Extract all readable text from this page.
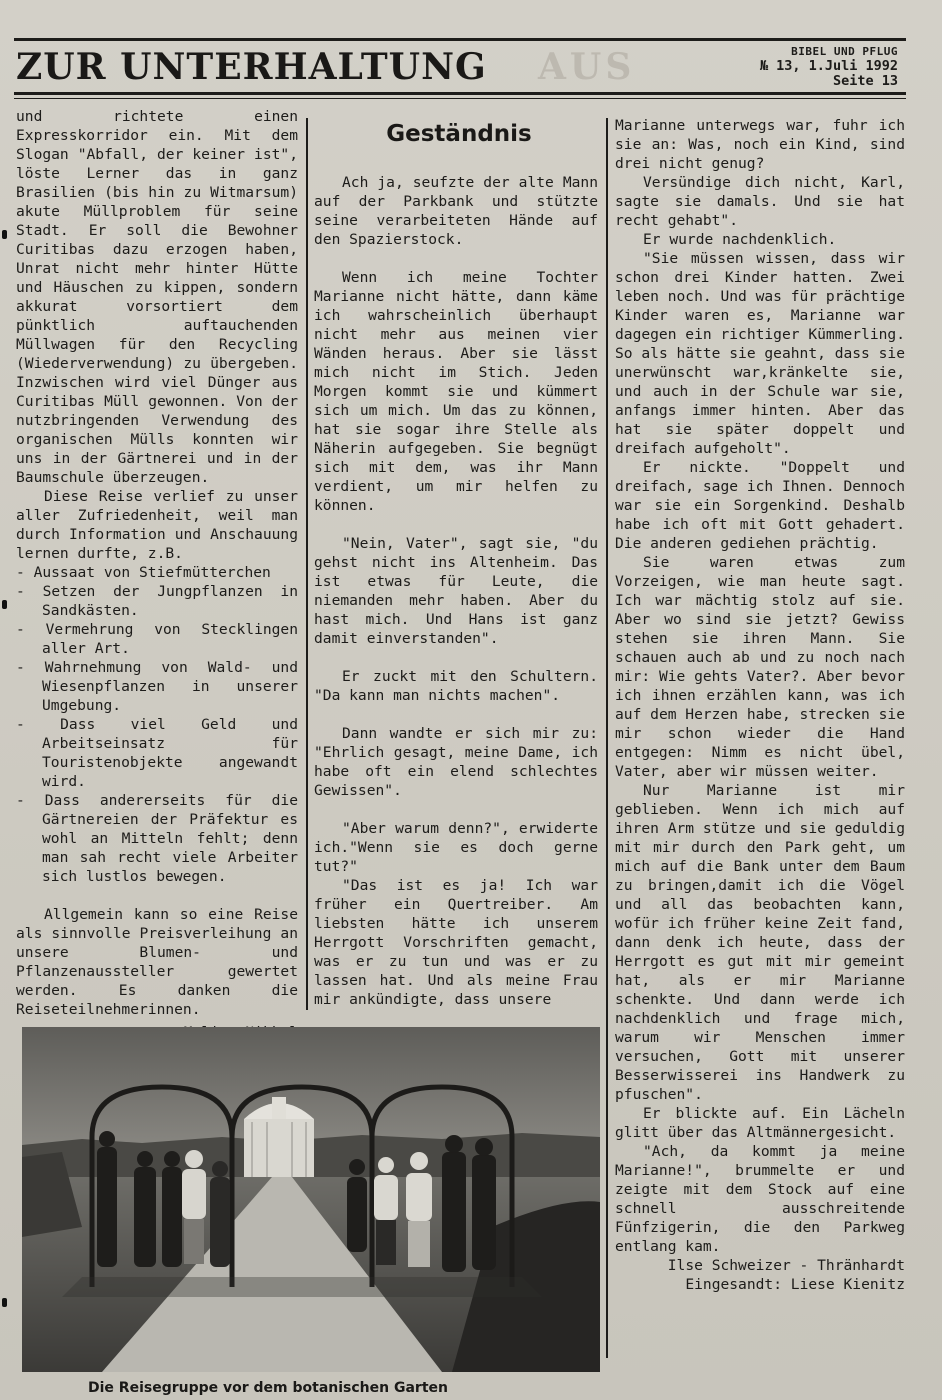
ZUR UNTERHALTUNG AUS	BIBEL UND PFLUG
№ 13, 1.Juli 1992
Seite 13

und richtete einen Expresskorridor ein. Mit dem Slogan "Abfall, der keiner ist", löste Lerner das in ganz Brasilien (bis hin zu Witmarsum) akute Müllproblem für seine Stadt. Er soll die Bewohner Curitibas dazu erzogen haben, Unrat nicht mehr hinter Hütte und Häuschen zu kippen, sondern akkurat vorsortiert dem pünktlich auftauchenden Müllwagen für den Recycling (Wiederverwendung) zu übergeben. Inzwischen wird viel Dünger aus Curitibas Müll gewonnen. Von der nutzbringenden Verwendung des organischen Mülls konnten wir uns in der Gärtnerei und in der Baumschule überzeugen.

Diese Reise verlief zu unser aller Zufriedenheit, weil man durch Information und Anschauung lernen durfte, z.B.

- Aussaat von Stiefmütterchen

- Setzen der Jungpflanzen in Sandkästen.

- Vermehrung von Stecklingen aller Art.

- Wahrnehmung von Wald- und Wiesenpflanzen in unserer Umgebung.

- Dass viel Geld und Arbeitseinsatz für Touristenobjekte angewandt wird.

- Dass andererseits für die Gärtnereien der Präfektur es wohl an Mitteln fehlt; denn man sah recht viele Arbeiter sich lustlos bewegen.

Allgemein kann so eine Reise als sinnvolle Preisverleihung an unsere Blumen- und Pflanzenaussteller gewertet werden. Es danken die Reiseteilnehmerinnen.

Geständnis

Ach ja, seufzte der alte Mann auf der Parkbank und stützte seine verarbeiteten Hände auf den Spazierstock.

Wenn ich meine Tochter Marianne nicht hätte, dann käme ich wahrscheinlich überhaupt nicht mehr aus meinen vier Wänden heraus. Aber sie lässt mich nicht im Stich. Jeden Morgen kommt sie und kümmert sich um mich. Um das zu können, hat sie sogar ihre Stelle als Näherin aufgegeben. Sie begnügt sich mit dem, was ihr Mann verdient, um mir helfen zu können.

"Nein, Vater", sagt sie, "du gehst nicht ins Altenheim. Das ist etwas für Leute, die niemanden mehr haben. Aber du hast mich. Und Hans ist ganz damit einverstanden".

Er zuckt mit den Schultern. "Da kann man nichts machen".

Dann wandte er sich mir zu: "Ehrlich gesagt, meine Dame, ich habe oft ein elend schlechtes Gewissen".

"Aber warum denn?", erwiderte ich."Wenn sie es doch gerne tut?"

"Das ist es ja! Ich war früher ein Quertreiber. Am liebsten hätte ich unserem Herrgott Vorschriften gemacht, was er zu tun und was er zu lassen hat. Und als meine Frau mir ankündigte, dass unsere

Marianne unterwegs war, fuhr ich sie an: Was, noch ein Kind, sind drei nicht genug?

Versündige dich nicht, Karl, sagte sie damals. Und sie hat recht gehabt".

Er wurde nachdenklich.

"Sie müssen wissen, dass wir schon drei Kinder hatten. Zwei leben noch. Und was für prächtige Kinder waren es, Marianne war dagegen ein richtiger Kümmerling. So als hätte sie geahnt, dass sie unerwünscht war,kränkelte sie, und auch in der Schule war sie, anfangs immer hinten. Aber das hat sie später doppelt und dreifach aufgeholt".

Er nickte. "Doppelt und dreifach, sage ich Ihnen. Dennoch war sie ein Sorgenkind. Deshalb habe ich oft mit Gott gehadert. Die anderen gediehen prächtig.

Sie waren etwas zum Vorzeigen, wie man heute sagt. Ich war mächtig stolz auf sie. Aber wo sind sie jetzt? Gewiss stehen sie ihren Mann. Sie schauen auch ab und zu noch nach mir: Wie gehts Vater?. Aber bevor ich ihnen erzählen kann, was ich auf dem Herzen habe, strecken sie mir schon wieder die Hand entgegen: Nimm es nicht übel, Vater, aber wir müssen weiter.

Nur Marianne ist mir geblieben. Wenn ich mich auf ihren Arm stütze und sie geduldig mit mir durch den Park geht, um mich auf die Bank unter dem Baum zu bringen,damit ich die Vögel und all das beobachten kann, wofür ich früher keine Zeit fand, dann denk ich heute, dass der Herrgott es gut mit mir gemeint hat, als er mir Marianne schenkte. Und dann werde ich nachdenklich und frage mich, warum wir Menschen immer versuchen, Gott mit unserer Besserwisserei ins Handwerk zu pfuschen".

Er blickte auf. Ein Lächeln glitt über das Altmännergesicht.

"Ach, da kommt ja meine Marianne!", brummelte er und zeigte mit dem Stock auf eine schnell ausschreitende Fünfzigerin, die den Parkweg entlang kam.

Ilse Schweizer - Thränhardt

Eingesandt: Liese Kienitz

Die Reisegruppe vor dem botanischen Garten
